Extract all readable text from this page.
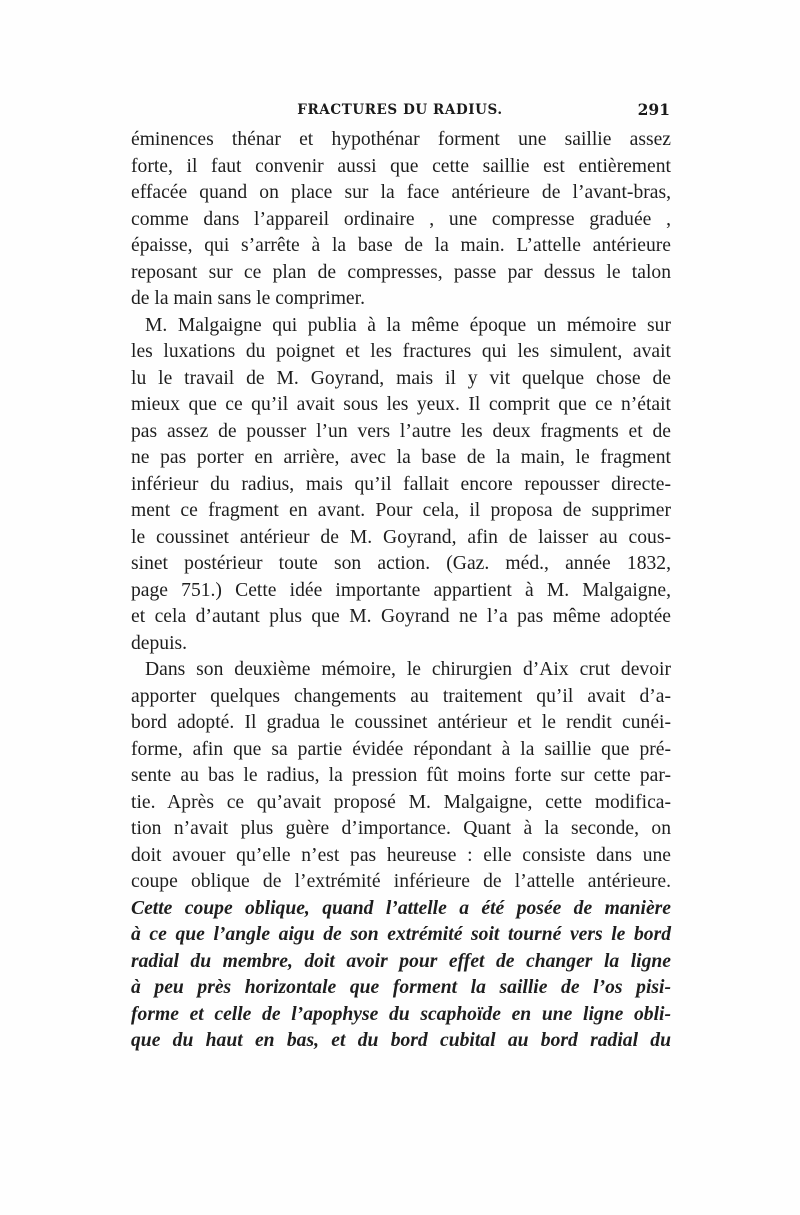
FRACTURES DU RADIUS.	291
éminences thénar et hypothénar forment une saillie assez
forte, il faut convenir aussi que cette saillie est entièrement
effacée quand on place sur la face antérieure de l’avant-bras,
comme dans l’appareil ordinaire , une compresse graduée ,
épaisse, qui s’arrête à la base de la main. L’attelle antérieure
reposant sur ce plan de compresses, passe par dessus le talon
de la main sans le comprimer.
M. Malgaigne qui publia à la même époque un mémoire sur
les luxations du poignet et les fractures qui les simulent, avait
lu le travail de M. Goyrand, mais il y vit quelque chose de
mieux que ce qu’il avait sous les yeux. Il comprit que ce n’était
pas assez de pousser l’un vers l’autre les deux fragments et de
ne pas porter en arrière, avec la base de la main, le fragment
inférieur du radius, mais qu’il fallait encore repousser directe-
ment ce fragment en avant. Pour cela, il proposa de supprimer
le coussinet antérieur de M. Goyrand, afin de laisser au cous-
sinet postérieur toute son action. (Gaz. méd., année 1832,
page 751.) Cette idée importante appartient à M. Malgaigne,
et cela d’autant plus que M. Goyrand ne l’a pas même adoptée
depuis.
Dans son deuxième mémoire, le chirurgien d’Aix crut devoir
apporter quelques changements au traitement qu’il avait d’a-
bord adopté. Il gradua le coussinet antérieur et le rendit cunéi-
forme, afin que sa partie évidée répondant à la saillie que pré-
sente au bas le radius, la pression fût moins forte sur cette par-
tie. Après ce qu’avait proposé M. Malgaigne, cette modifica-
tion n’avait plus guère d’importance. Quant à la seconde, on
doit avouer qu’elle n’est pas heureuse : elle consiste dans une
coupe oblique de l’extrémité inférieure de l’attelle antérieure.
Cette coupe oblique, quand l’attelle a été posée de manière
à ce que l’angle aigu de son extrémité soit tourné vers le bord
radial du membre, doit avoir pour effet de changer la ligne
à peu près horizontale que forment la saillie de l’os pisi-
forme et celle de l’apophyse du scaphoïde en une ligne obli-
que du haut en bas, et du bord cubital au bord radial du
